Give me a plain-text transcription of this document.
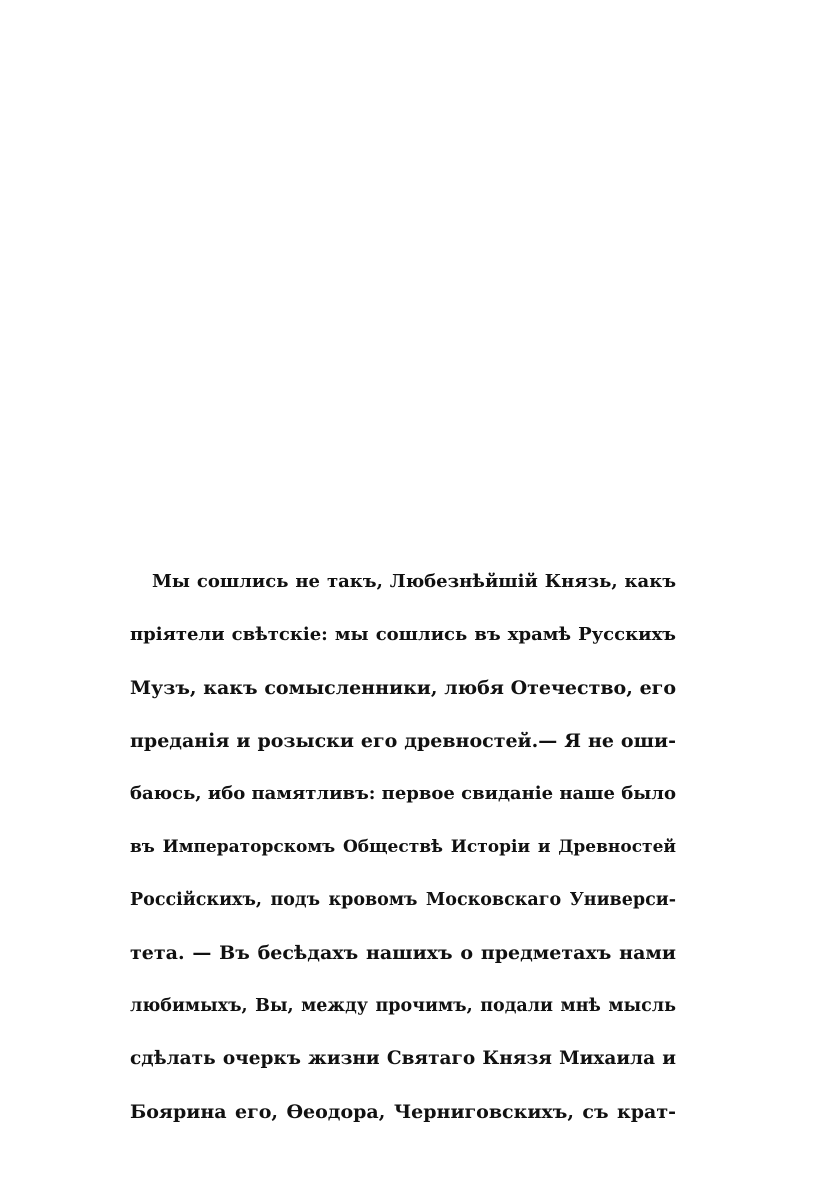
Мы сошлись не такъ, Любезнѣйшій Князь, какъ
пріятели свѣтскіе: мы сошлись въ храмѣ Русскихъ
Музъ, какъ сомысленники, любя Отечество, его
преданія и розыски его древностей.— Я не оши-
баюсь, ибо памятливъ: первое свиданіе наше было
въ Императорскомъ Обществѣ Исторіи и Древностей
Россійскихъ, подъ кровомъ Московскаго Универси-
тета. — Въ бесѣдахъ нашихъ о предметахъ нами
любимыхъ, Вы, между прочимъ, подали мнѣ мысль
сдѣлать очеркъ жизни Святаго Князя Михаила и
Боярина его, Ѳеодора, Черниговскихъ, съ крат-
